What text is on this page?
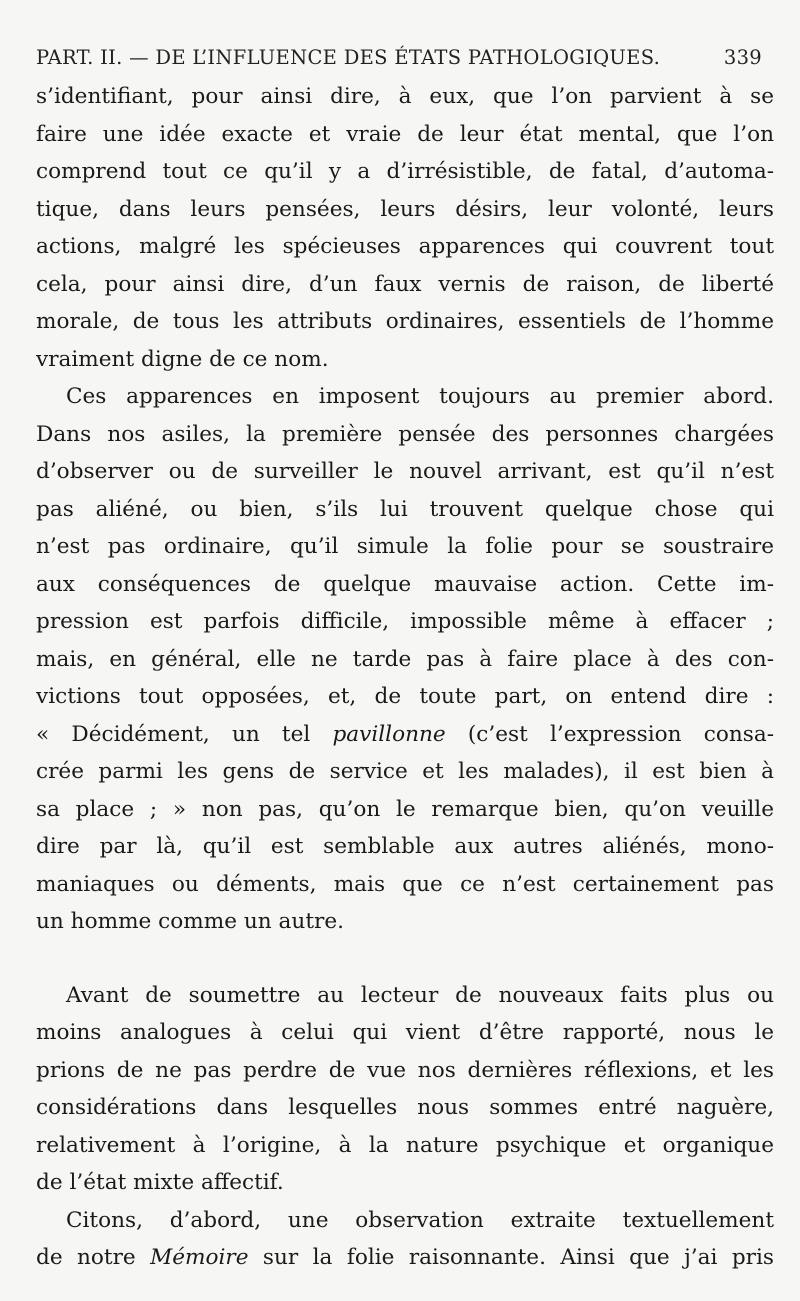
PART. II. — DE L’INFLUENCE DES ÉTATS PATHOLOGIQUES.	339
s’identifiant, pour ainsi dire, à eux, que l’on parvient à se
faire une idée exacte et vraie de leur état mental, que l’on
comprend tout ce qu’il y a d’irrésistible, de fatal, d’automa-
tique, dans leurs pensées, leurs désirs, leur volonté, leurs
actions, malgré les spécieuses apparences qui couvrent tout
cela, pour ainsi dire, d’un faux vernis de raison, de liberté
morale, de tous les attributs ordinaires, essentiels de l’homme
vraiment digne de ce nom.
Ces apparences en imposent toujours au premier abord.
Dans nos asiles, la première pensée des personnes chargées
d’observer ou de surveiller le nouvel arrivant, est qu’il n’est
pas aliéné, ou bien, s’ils lui trouvent quelque chose qui
n’est pas ordinaire, qu’il simule la folie pour se soustraire
aux conséquences de quelque mauvaise action. Cette im-
pression est parfois difficile, impossible même à effacer ;
mais, en général, elle ne tarde pas à faire place à des con-
victions tout opposées, et, de toute part, on entend dire :
« Décidément, un tel pavillonne (c’est l’expression consa-
crée parmi les gens de service et les malades), il est bien à
sa place ; » non pas, qu’on le remarque bien, qu’on veuille
dire par là, qu’il est semblable aux autres aliénés, mono-
maniaques ou déments, mais que ce n’est certainement pas
un homme comme un autre.
Avant de soumettre au lecteur de nouveaux faits plus ou
moins analogues à celui qui vient d’être rapporté, nous le
prions de ne pas perdre de vue nos dernières réflexions, et les
considérations dans lesquelles nous sommes entré naguère,
relativement à l’origine, à la nature psychique et organique
de l’état mixte affectif.
Citons, d’abord, une observation extraite textuellement
de notre Mémoire sur la folie raisonnante. Ainsi que j’ai pris
